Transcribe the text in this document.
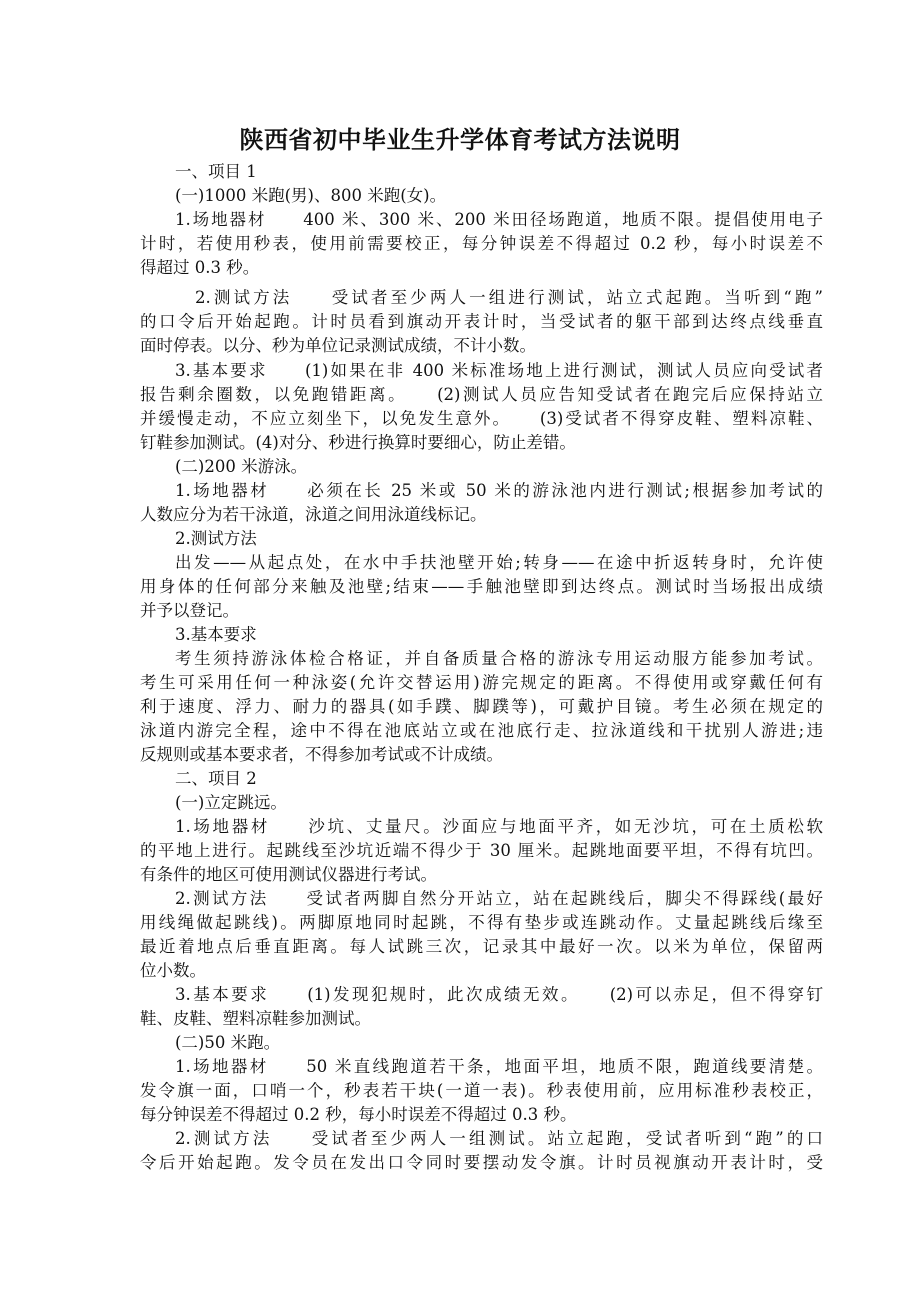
陕西省初中毕业生升学体育考试方法说明
一、项目 1
(一)1000 米跑(男)、800 米跑(女)。
1.场地器材　　400 米、300 米、200 米田径场跑道，地质不限。提倡使用电子
计时，若使用秒表，使用前需要校正，每分钟误差不得超过 0.2 秒，每小时误差不
得超过 0.3 秒。
2.测试方法　　受试者至少两人一组进行测试，站立式起跑。当听到“跑”
的口令后开始起跑。计时员看到旗动开表计时，当受试者的躯干部到达终点线垂直
面时停表。以分、秒为单位记录测试成绩，不计小数。
3.基本要求　　(1)如果在非 400 米标准场地上进行测试，测试人员应向受试者
报告剩余圈数，以免跑错距离。　　(2)测试人员应告知受试者在跑完后应保持站立
并缓慢走动，不应立刻坐下，以免发生意外。　　(3)受试者不得穿皮鞋、塑料凉鞋、
钉鞋参加测试。(4)对分、秒进行换算时要细心，防止差错。
(二)200 米游泳。
1.场地器材　　必须在长 25 米或 50 米的游泳池内进行测试;根据参加考试的
人数应分为若干泳道，泳道之间用泳道线标记。
2.测试方法
出发——从起点处，在水中手扶池壁开始;转身——在途中折返转身时，允许使
用身体的任何部分来触及池壁;结束——手触池壁即到达终点。测试时当场报出成绩
并予以登记。
3.基本要求
考生须持游泳体检合格证，并自备质量合格的游泳专用运动服方能参加考试。
考生可采用任何一种泳姿(允许交替运用)游完规定的距离。不得使用或穿戴任何有
利于速度、浮力、耐力的器具(如手蹼、脚蹼等)，可戴护目镜。考生必须在规定的
泳道内游完全程，途中不得在池底站立或在池底行走、拉泳道线和干扰别人游进;违
反规则或基本要求者，不得参加考试或不计成绩。
二、项目 2
(一)立定跳远。
1.场地器材　　沙坑、丈量尺。沙面应与地面平齐，如无沙坑，可在土质松软
的平地上进行。起跳线至沙坑近端不得少于 30 厘米。起跳地面要平坦，不得有坑凹。
有条件的地区可使用测试仪器进行考试。
2.测试方法　　受试者两脚自然分开站立，站在起跳线后，脚尖不得踩线(最好
用线绳做起跳线)。两脚原地同时起跳，不得有垫步或连跳动作。丈量起跳线后缘至
最近着地点后垂直距离。每人试跳三次，记录其中最好一次。以米为单位，保留两
位小数。
3.基本要求　　(1)发现犯规时，此次成绩无效。　　(2)可以赤足，但不得穿钉
鞋、皮鞋、塑料凉鞋参加测试。
(二)50 米跑。
1.场地器材　　50 米直线跑道若干条，地面平坦，地质不限，跑道线要清楚。
发令旗一面，口哨一个，秒表若干块(一道一表)。秒表使用前，应用标准秒表校正，
每分钟误差不得超过 0.2 秒，每小时误差不得超过 0.3 秒。
2.测试方法　　受试者至少两人一组测试。站立起跑，受试者听到“跑”的口
令后开始起跑。发令员在发出口令同时要摆动发令旗。计时员视旗动开表计时，受
